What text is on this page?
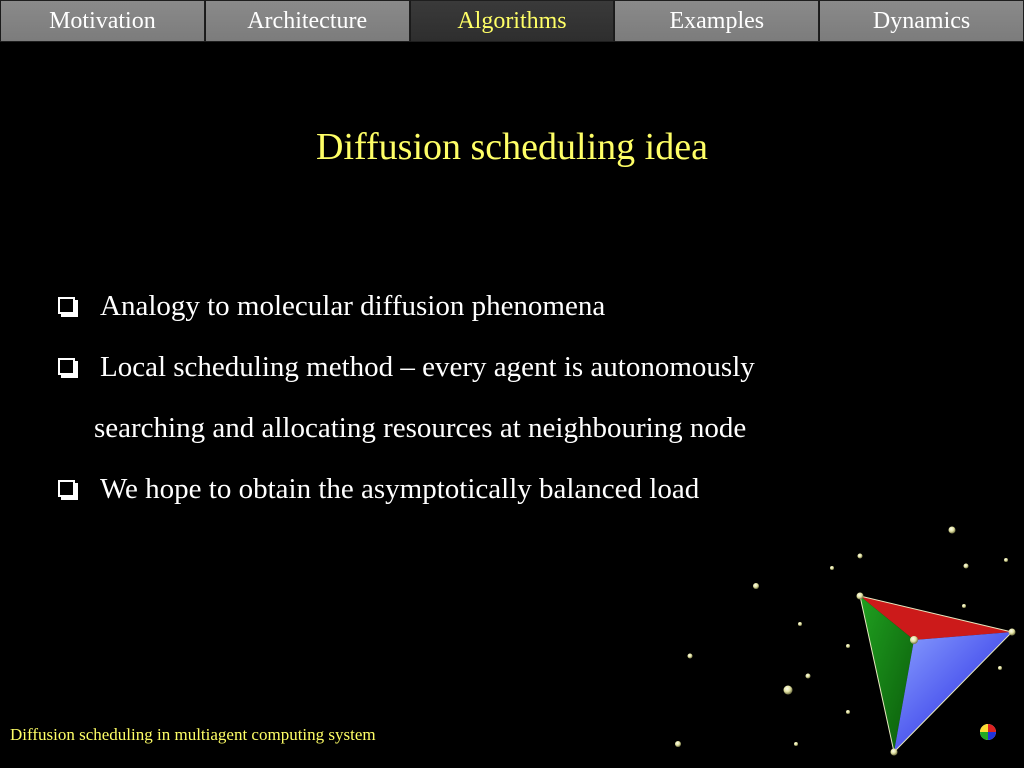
Motivation	Architecture	Algorithms	Examples	Dynamics
Diffusion scheduling idea
Analogy to molecular diffusion phenomena
Local scheduling method – every agent is autonomously
searching and allocating resources at neighbouring node
We hope to obtain the asymptotically balanced load
Diffusion scheduling in multiagent computing system
